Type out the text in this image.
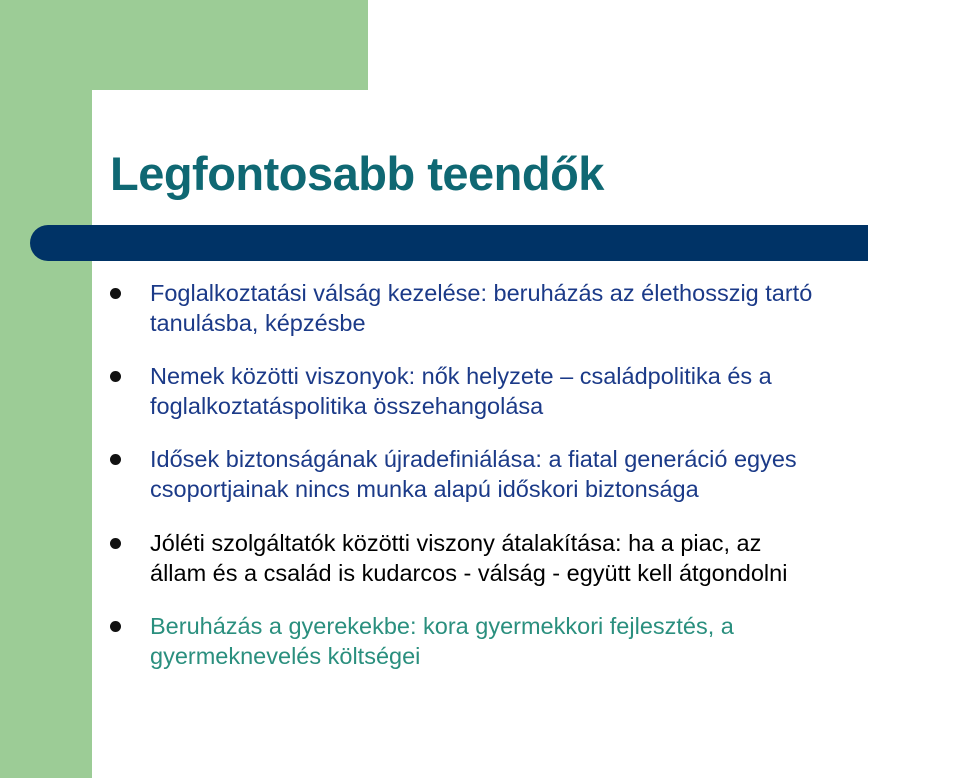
Legfontosabb teendők
Foglalkoztatási válság kezelése: beruházás az élethosszig tartó
tanulásba, képzésbe
Nemek közötti viszonyok: nők helyzete – családpolitika és a
foglalkoztatáspolitika összehangolása
Idősek biztonságának újradefiniálása: a fiatal generáció egyes
csoportjainak nincs munka alapú időskori biztonsága
Jóléti szolgáltatók közötti viszony átalakítása: ha a piac, az
állam és a család is kudarcos - válság - együtt kell átgondolni
Beruházás a gyerekekbe: kora gyermekkori fejlesztés, a
gyermeknevelés költségei
